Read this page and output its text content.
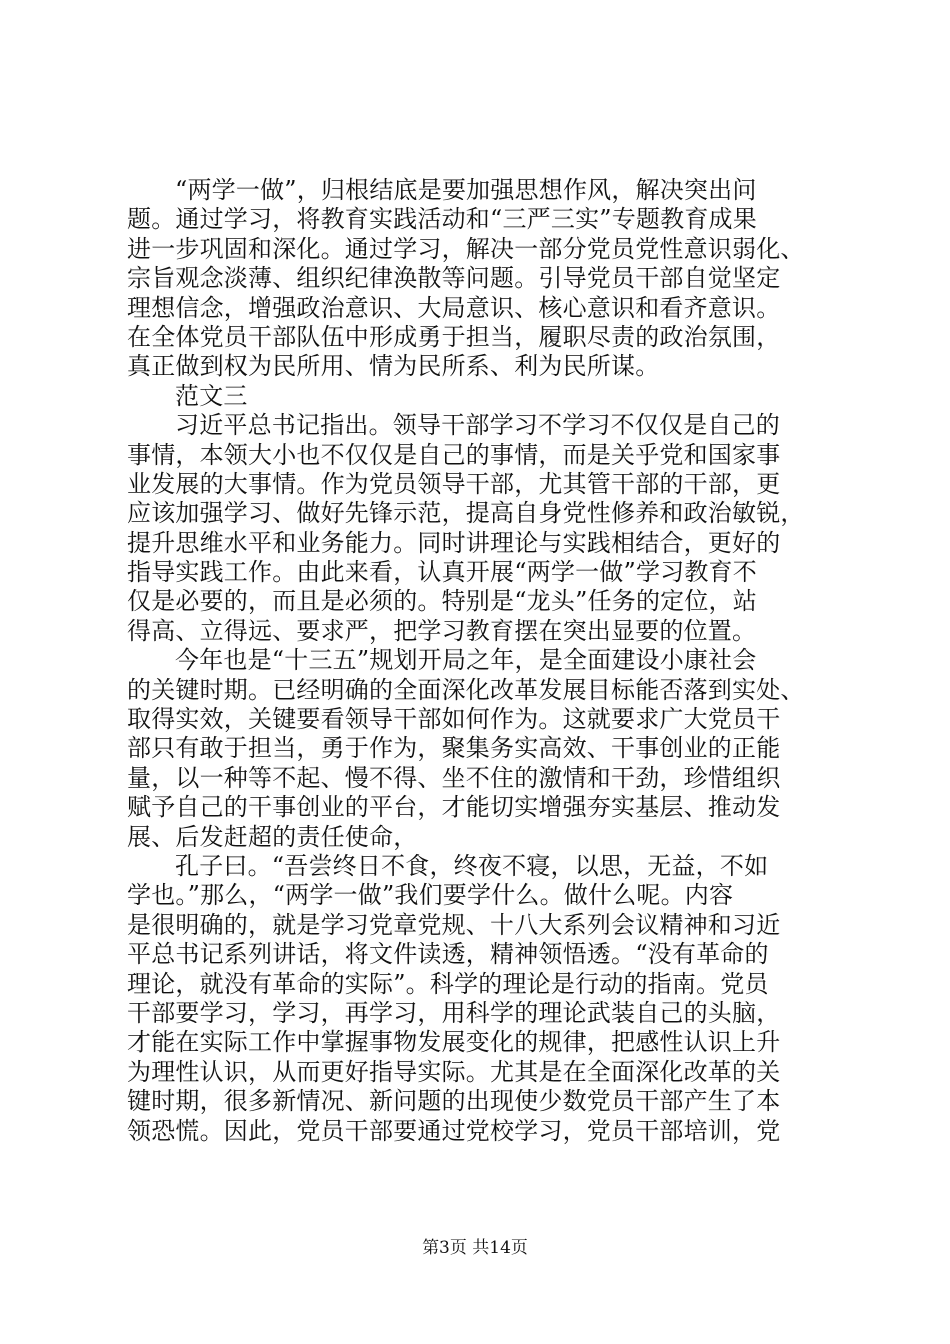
“两学一做”，归根结底是要加强思想作风，解决突出问
题。通过学习，将教育实践活动和“三严三实”专题教育成果
进一步巩固和深化。通过学习，解决一部分党员党性意识弱化、
宗旨观念淡薄、组织纪律涣散等问题。引导党员干部自觉坚定
理想信念，增强政治意识、大局意识、核心意识和看齐意识。
在全体党员干部队伍中形成勇于担当，履职尽责的政治氛围，
真正做到权为民所用、情为民所系、利为民所谋。
范文三
习近平总书记指出。领导干部学习不学习不仅仅是自己的
事情，本领大小也不仅仅是自己的事情，而是关乎党和国家事
业发展的大事情。作为党员领导干部，尤其管干部的干部，更
应该加强学习、做好先锋示范，提高自身党性修养和政治敏锐，
提升思维水平和业务能力。同时讲理论与实践相结合，更好的
指导实践工作。由此来看，认真开展“两学一做”学习教育不
仅是必要的，而且是必须的。特别是“龙头”任务的定位，站
得高、立得远、要求严，把学习教育摆在突出显要的位置。
今年也是“十三五”规划开局之年，是全面建设小康社会
的关键时期。已经明确的全面深化改革发展目标能否落到实处、
取得实效，关键要看领导干部如何作为。这就要求广大党员干
部只有敢于担当，勇于作为，聚集务实高效、干事创业的正能
量，以一种等不起、慢不得、坐不住的激情和干劲，珍惜组织
赋予自己的干事创业的平台，才能切实增强夯实基层、推动发
展、后发赶超的责任使命，
孔子曰。“吾尝终日不食，终夜不寝，以思，无益，不如
学也。”那么，“两学一做”我们要学什么。做什么呢。内容
是很明确的，就是学习党章党规、十八大系列会议精神和习近
平总书记系列讲话，将文件读透，精神领悟透。“没有革命的
理论，就没有革命的实际”。科学的理论是行动的指南。党员
干部要学习，学习，再学习，用科学的理论武装自己的头脑，
才能在实际工作中掌握事物发展变化的规律，把感性认识上升
为理性认识，从而更好指导实际。尤其是在全面深化改革的关
键时期，很多新情况、新问题的出现使少数党员干部产生了本
领恐慌。因此，党员干部要通过党校学习，党员干部培训，党
第3页 共14页
